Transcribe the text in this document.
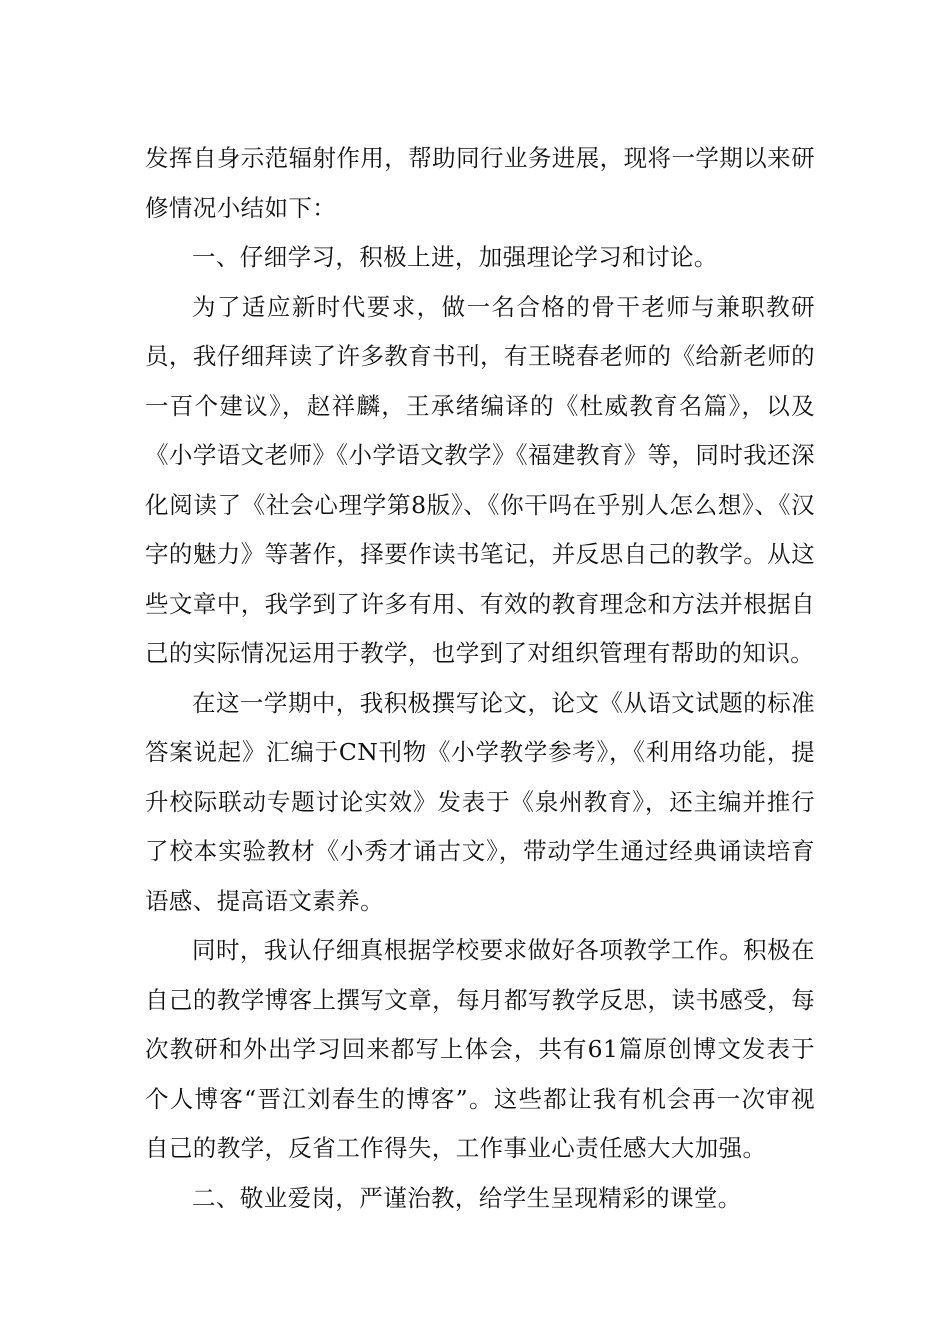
发挥自身示范辐射作用，帮助同行业务进展，现将一学期以来研修情况小结如下：

一、仔细学习，积极上进，加强理论学习和讨论。

为了适应新时代要求，做一名合格的骨干老师与兼职教研员，我仔细拜读了许多教育书刊，有王晓春老师的《给新老师的一百个建议》，赵祥麟，王承绪编译的《杜威教育名篇》，以及《小学语文老师》《小学语文教学》《福建教育》等，同时我还深化阅读了《社会心理学第8版》、《你干吗在乎别人怎么想》、《汉字的魅力》等著作，择要作读书笔记，并反思自己的教学。从这些文章中，我学到了许多有用、有效的教育理念和方法并根据自己的实际情况运用于教学，也学到了对组织管理有帮助的知识。

在这一学期中，我积极撰写论文，论文《从语文试题的标准答案说起》汇编于CN刊物《小学教学参考》，《利用络功能，提升校际联动专题讨论实效》发表于《泉州教育》，还主编并推行了校本实验教材《小秀才诵古文》，带动学生通过经典诵读培育语感、提高语文素养。

同时，我认仔细真根据学校要求做好各项教学工作。积极在自己的教学博客上撰写文章，每月都写教学反思，读书感受，每次教研和外出学习回来都写上体会，共有61篇原创博文发表于个人博客“晋江刘春生的博客”。这些都让我有机会再一次审视自己的教学，反省工作得失，工作事业心责任感大大加强。

二、敬业爱岗，严谨治教，给学生呈现精彩的课堂。
